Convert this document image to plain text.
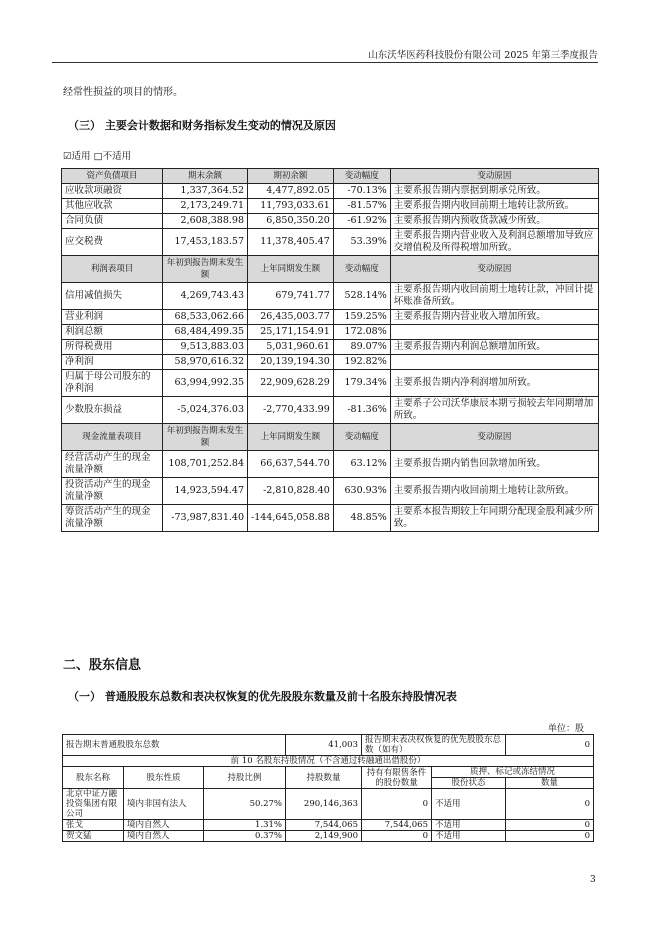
山东沃华医药科技股份有限公司 2025 年第三季度报告
经常性损益的项目的情形。
（三） 主要会计数据和财务指标发生变动的情况及原因
☑适用 □不适用
资产负债项目	期末余额	期初余额	变动幅度	变动原因
应收款项融资	1,337,364.52	4,477,892.05	-70.13%	主要系报告期内票据到期承兑所致。
其他应收款	2,173,249.71	11,793,033.61	-81.57%	主要系报告期内收回前期土地转让款所致。
合同负债	2,608,388.98	6,850,350.20	-61.92%	主要系报告期内预收货款减少所致。
应交税费	17,453,183.57	11,378,405.47	53.39%	主要系报告期内营业收入及利润总额增加导致应交增值税及所得税增加所致。
利润表项目	年初到报告期末发生额	上年同期发生额	变动幅度	变动原因
信用减值损失	4,269,743.43	679,741.77	528.14%	主要系报告期内收回前期土地转让款，冲回计提坏账准备所致。
营业利润	68,533,062.66	26,435,003.77	159.25%	主要系报告期内营业收入增加所致。
利润总额	68,484,499.35	25,171,154.91	172.08%	
所得税费用	9,513,883.03	5,031,960.61	89.07%	主要系报告期内利润总额增加所致。
净利润	58,970,616.32	20,139,194.30	192.82%	
归属于母公司股东的净利润	63,994,992.35	22,909,628.29	179.34%	主要系报告期内净利润增加所致。
少数股东损益	-5,024,376.03	-2,770,433.99	-81.36%	主要系子公司沃华康辰本期亏损较去年同期增加所致。
现金流量表项目	年初到报告期末发生额	上年同期发生额	变动幅度	变动原因
经营活动产生的现金流量净额	108,701,252.84	66,637,544.70	63.12%	主要系报告期内销售回款增加所致。
投资活动产生的现金流量净额	14,923,594.47	-2,810,828.40	630.93%	主要系报告期内收回前期土地转让款所致。
筹资活动产生的现金流量净额	-73,987,831.40	-144,645,058.88	48.85%	主要系本报告期较上年同期分配现金股利减少所致。
二、股东信息
（一） 普通股股东总数和表决权恢复的优先股股东数量及前十名股东持股情况表
单位：股
报告期末普通股股东总数			41,003	报告期末表决权恢复的优先股股东总数（如有）		0
前 10 名股东持股情况（不含通过转融通出借股份）						
股东名称	股东性质	持股比例	持股数量	持有有限售条件的股份数量	质押、标记或冻结情况	
					股份状态	数量
北京中证万融投资集团有限公司	境内非国有法人	50.27%	290,146,363	0	不适用	0
张戈	境内自然人	1.31%	7,544,065	7,544,065	不适用	0
贺文猛	境内自然人	0.37%	2,149,900	0	不适用	0
3
